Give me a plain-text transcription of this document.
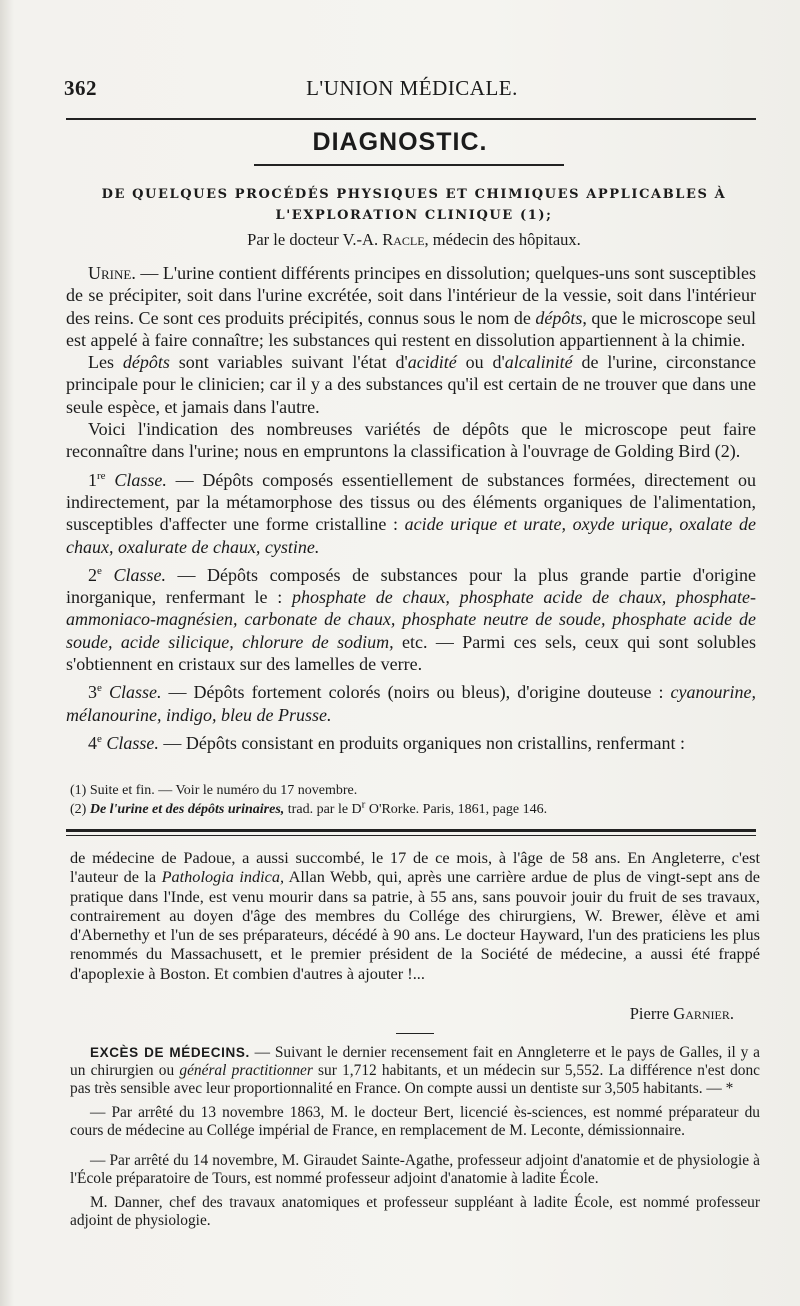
362	L'UNION MÉDICALE.
DIAGNOSTIC.
DE QUELQUES PROCÉDÉS PHYSIQUES ET CHIMIQUES APPLICABLES À L'EXPLORATION CLINIQUE (1);
Par le docteur V.-A. Racle, médecin des hôpitaux.

Urine. — L'urine contient différents principes en dissolution; quelques-uns sont susceptibles de se précipiter, soit dans l'urine excrétée, soit dans l'intérieur de la vessie, soit dans l'intérieur des reins. Ce sont ces produits précipités, connus sous le nom de dépôts, que le microscope seul est appelé à faire connaître; les substances qui restent en dissolution appartiennent à la chimie.

Les dépôts sont variables suivant l'état d'acidité ou d'alcalinité de l'urine, circonstance principale pour le clinicien; car il y a des substances qu'il est certain de ne trouver que dans une seule espèce, et jamais dans l'autre.

Voici l'indication des nombreuses variétés de dépôts que le microscope peut faire reconnaître dans l'urine; nous en empruntons la classification à l'ouvrage de Golding Bird (2).

1re Classe. — Dépôts composés essentiellement de substances formées, directement ou indirectement, par la métamorphose des tissus ou des éléments organiques de l'alimentation, susceptibles d'affecter une forme cristalline : acide urique et urate, oxyde urique, oxalate de chaux, oxalurate de chaux, cystine.

2e Classe. — Dépôts composés de substances pour la plus grande partie d'origine inorganique, renfermant le : phosphate de chaux, phosphate acide de chaux, phosphate-ammoniaco-magnésien, carbonate de chaux, phosphate neutre de soude, phosphate acide de soude, acide silicique, chlorure de sodium, etc. — Parmi ces sels, ceux qui sont solubles s'obtiennent en cristaux sur des lamelles de verre.

3e Classe. — Dépôts fortement colorés (noirs ou bleus), d'origine douteuse : cyanourine, mélanourine, indigo, bleu de Prusse.

4e Classe. — Dépôts consistant en produits organiques non cristallins, renfermant :

(1) Suite et fin. — Voir le numéro du 17 novembre.
(2) De l'urine et des dépôts urinaires, trad. par le $D^r$ O'Rorke. Paris, 1861, page 146.

de médecine de Padoue, a aussi succombé, le 17 de ce mois, à l'âge de 58 ans. En Angleterre, c'est l'auteur de la Pathologia indica, Allan Webb, qui, après une carrière ardue de plus de vingt-sept ans de pratique dans l'Inde, est venu mourir dans sa patrie, à 55 ans, sans pouvoir jouir du fruit de ses travaux, contrairement au doyen d'âge des membres du Collége des chirurgiens, W. Brewer, élève et ami d'Abernethy et l'un de ses préparateurs, décédé à 90 ans. Le docteur Hayward, l'un des praticiens les plus renommés du Massachusett, et le premier président de la Société de médecine, a aussi été frappé d'apoplexie à Boston. Et combien d'autres à ajouter !...

Pierre Garnier.

EXCÈS DE MÉDECINS. — Suivant le dernier recensement fait en Anngleterre et le pays de Galles, il y a un chirurgien ou général practitionner sur 1,712 habitants, et un médecin sur 5,552. La différence n'est donc pas très sensible avec leur proportionnalité en France. On compte aussi un dentiste sur 3,505 habitants. — *

— Par arrêté du 13 novembre 1863, M. le docteur Bert, licencié ès-sciences, est nommé préparateur du cours de médecine au Collége impérial de France, en remplacement de M. Leconte, démissionnaire.

— Par arrêté du 14 novembre, M. Giraudet Sainte-Agathe, professeur adjoint d'anatomie et de physiologie à l'École préparatoire de Tours, est nommé professeur adjoint d'anatomie à ladite École.

M. Danner, chef des travaux anatomiques et professeur suppléant à ladite École, est nommé professeur adjoint de physiologie.
